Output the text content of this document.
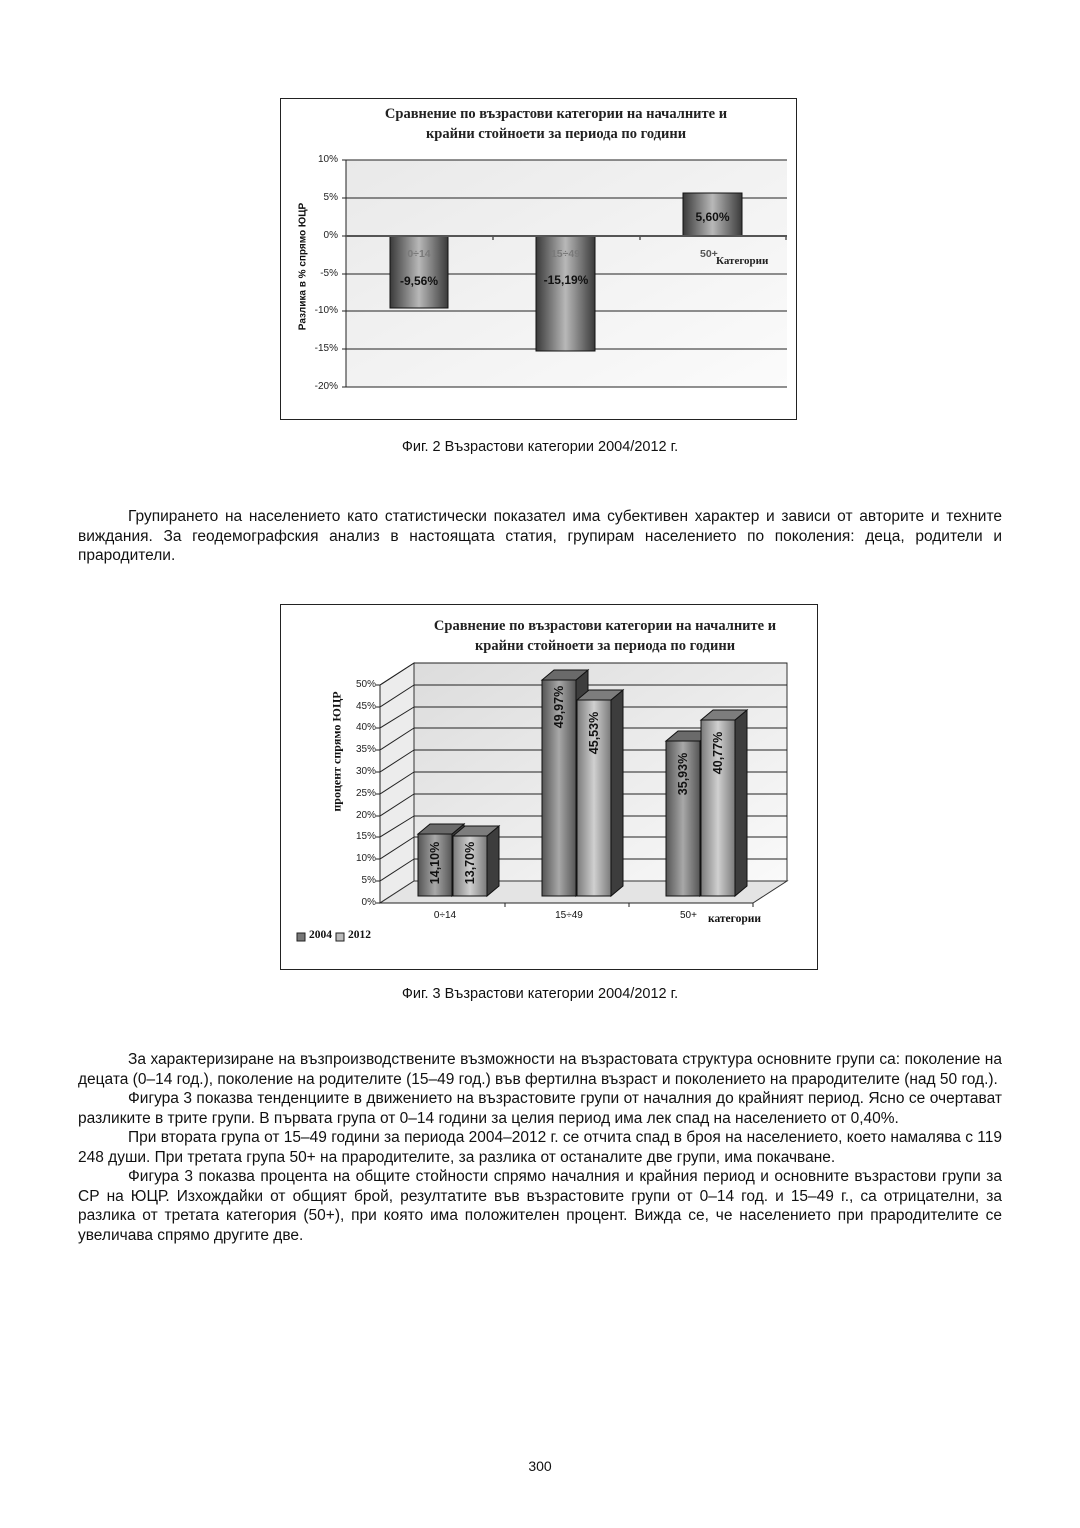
Сравнение по възрастови категории на началните и
крайни стойноети за периода по години
10%
5%
0%
-5%
-10%
-15%
-20%
Разлика в % спрямо ЮЦР	0÷14	15÷49	50+
Категории
-9,56%	-15,19%
5,60%
Фиг. 2 Възрастови категории 2004/2012 г.

Групирането на населението като статистически показател има субективен характер и зависи от авторите и техните виждания. За геодемографския анализ в настоящата статия, групирам населението по поколения: деца, родители и прародители.

Сравнение по възрастови категории на началните и
крайни стойноети за периода по години
50%
45%
40%
35%
30%
25%
20%
15%
10%
5%
0%
процент спрямо ЮЦР
0÷14	15÷49	50+ категории
14,10% 13,70%
49,97%
45,53%
35,93% 40,77%
2004 2012
Фиг. 3 Възрастови категории 2004/2012 г.

За характеризиране на възпроизводствените възможности на възрастовата структура основните групи са: поколение на децата (0–14 год.), поколение на родителите (15–49 год.) във фертилна възраст и поколението на прародителите (над 50 год.).

Фигура 3 показва тенденциите в движението на възрастовите групи от началния до крайният период. Ясно се очертават разликите в трите групи. В първата група от 0–14 години за целия период има лек спад на населението от 0,40%.

При втората група от 15–49 години за периода 2004–2012 г. се отчита спад в броя на населението, което намалява с 119 248 души. При третата група 50+ на прародителите, за разлика от останалите две групи, има покачване.

Фигура 3 показва процента на общите стойности спрямо началния и крайния период и основните възрастови групи за СР на ЮЦР. Изхождайки от общият брой, резултатите във възрастовите групи от 0–14 год. и 15–49 г., са отрицателни, за разлика от третата категория (50+), при която има положителен процент. Вижда се, че населението при прародителите се увеличава спрямо другите две.

300
